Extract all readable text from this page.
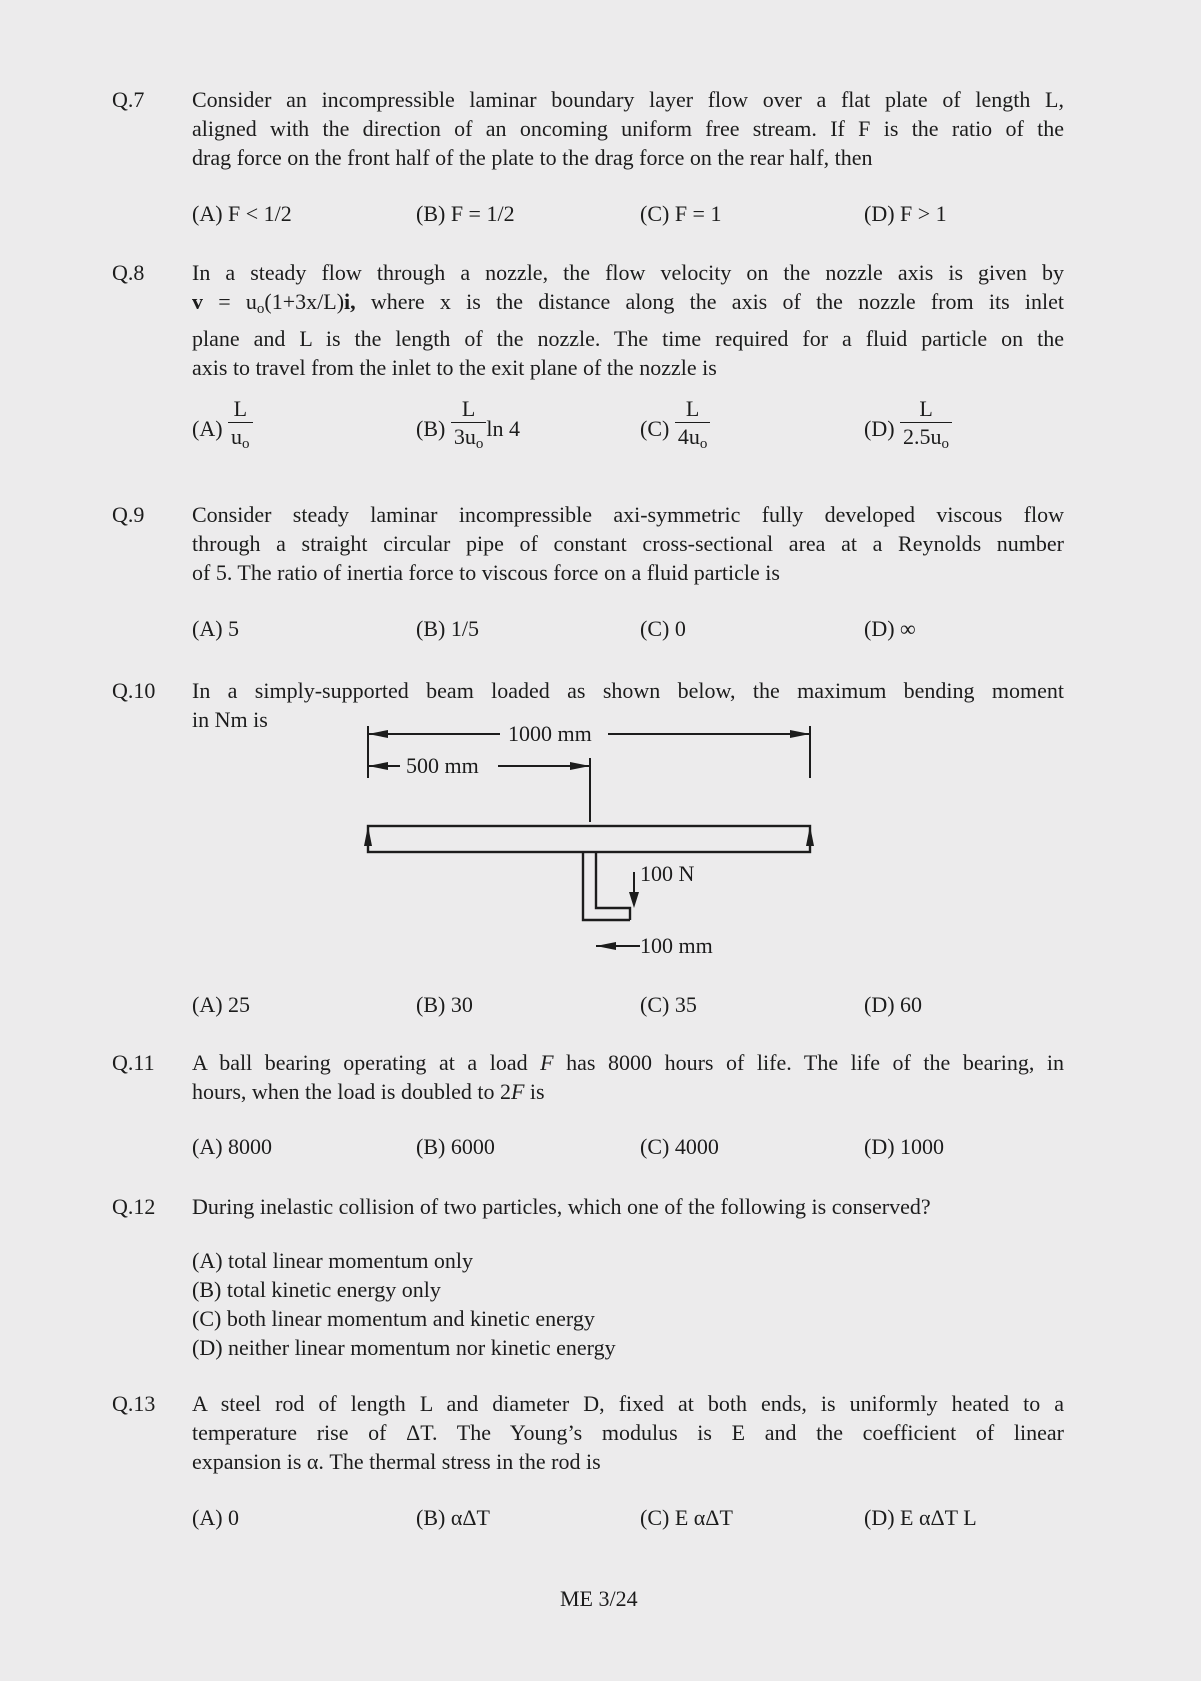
Q.7 Consider an incompressible laminar boundary layer flow over a flat plate of length L,
aligned with the direction of an oncoming uniform free stream. If F is the ratio of the
drag force on the front half of the plate to the drag force on the rear half, then
(A) F < 1/2	(B) F = 1/2	(C) F = 1	(D) F > 1
Q.8 In a steady flow through a nozzle, the flow velocity on the nozzle axis is given by
$v = u_o(1+3x/L)i$, where x is the distance along the axis of the nozzle from its inlet
plane and L is the length of the nozzle. The time required for a fluid particle on the
axis to travel from the inlet to the exit plane of the nozzle is
$(A) \frac{L}{u_o}$	$(B) \frac{L}{3u_o}$ ln 4	$(C) \frac{L}{4u_o}$	$(D) \frac{L}{2.5u_o}$
Q.9 Consider steady laminar incompressible axi-symmetric fully developed viscous flow
through a straight circular pipe of constant cross-sectional area at a Reynolds number
of 5. The ratio of inertia force to viscous force on a fluid particle is
(A) 5	(B) 1/5	(C) 0	(D) ∞
Q.10 In a simply-supported beam loaded as shown below, the maximum bending moment
in Nm is
1000 mm
500 mm
100 N
100 mm
(A) 25	(B) 30	(C) 35	(D) 60
Q.11 A ball bearing operating at a load F has 8000 hours of life. The life of the bearing, in
hours, when the load is doubled to 2F is
(A) 8000	(B) 6000	(C) 4000	(D) 1000
Q.12 During inelastic collision of two particles, which one of the following is conserved?
(A) total linear momentum only
(B) total kinetic energy only
(C) both linear momentum and kinetic energy
(D) neither linear momentum nor kinetic energy
Q.13 A steel rod of length L and diameter D, fixed at both ends, is uniformly heated to a
temperature rise of ΔT. The Young’s modulus is E and the coefficient of linear
expansion is α. The thermal stress in the rod is
(A) 0	(B) αΔT	(C) E αΔT	(D) E αΔT L
ME 3/24
